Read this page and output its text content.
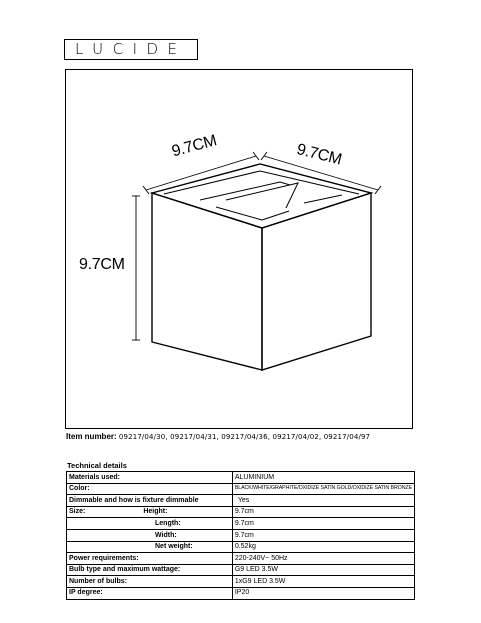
LUCIDE
9.7CM	9.7CM
9.7CM
Item number: 09217/04/30, 09217/04/31, 09217/04/36, 09217/04/02, 09217/04/97
Technical details
Materials used:	ALUMINIUM
Color:	BLACK/WHITE/GRAPHITE/OXIDIZE SATIN GOLD/OXIDIZE SATIN BRONZE
Dimmable and how is fixture dimmable	Yes
Size: Height:	9.7cm
Length:	9.7cm
Width:	9.7cm
Net weight:	0.52kg
Power requirements:	220-240V~ 50Hz
Bulb type and maximum wattage:	G9 LED 3.5W
Number of bulbs:	1xG9 LED 3.5W
IP degree:	IP20
